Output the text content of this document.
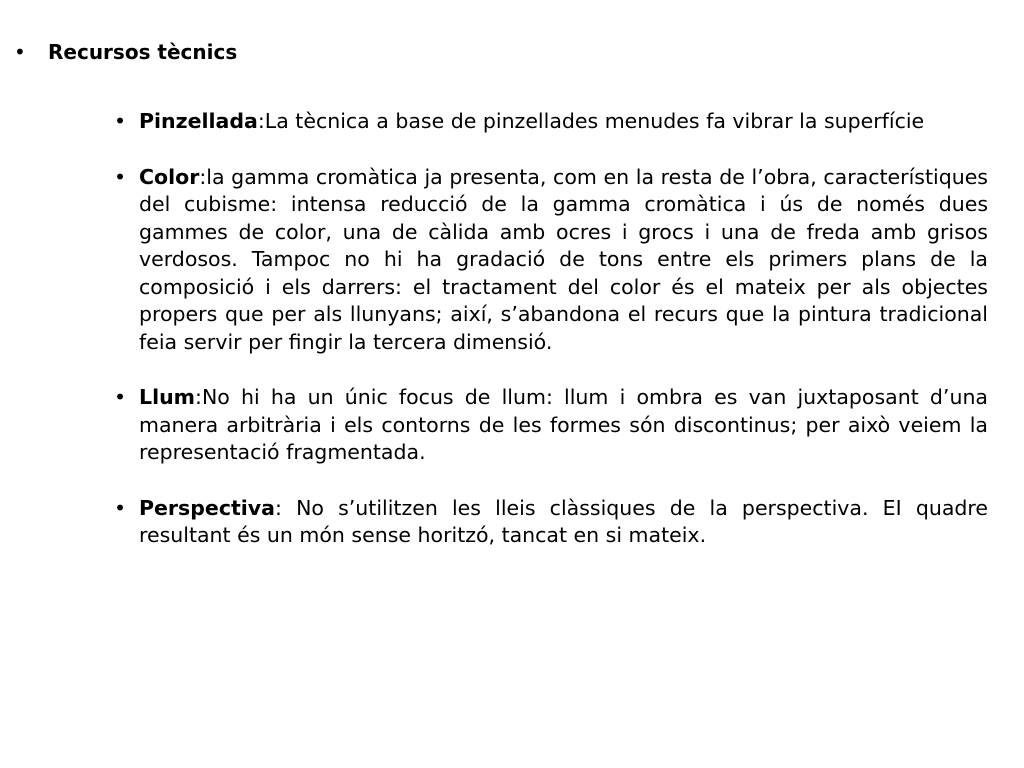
•	Recursos tècnics
• Pinzellada:La tècnica a base de pinzellades menudes fa vibrar la superfície
• Color:la gamma cromàtica ja presenta, com en la resta de l’obra, característiques del cubisme: intensa reducció de la gamma cromàtica i ús de només dues gammes de color, una de càlida amb ocres i grocs i una de freda amb grisos verdosos. Tampoc no hi ha gradació de tons entre els primers plans de la composició i els darrers: el tractament del color és el mateix per als objectes propers que per als llunyans; així, s’abandona el recurs que la pintura tradicional feia servir per fingir la tercera dimensió.
• Llum:No hi ha un únic focus de llum: llum i ombra es van juxtaposant d’una manera arbitrària i els contorns de les formes són discontinus; per això veiem la representació fragmentada.
• Perspectiva: No s’utilitzen les lleis clàssiques de la perspectiva. EI quadre resultant és un món sense horitzó, tancat en si mateix.
